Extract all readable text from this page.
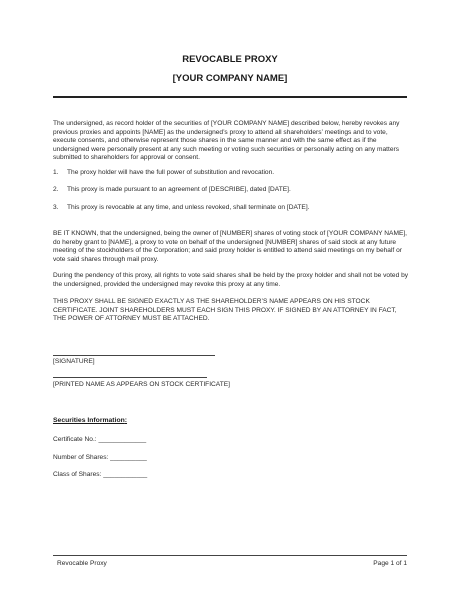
REVOCABLE PROXY
[YOUR COMPANY NAME]

The undersigned, as record holder of the securities of [YOUR COMPANY NAME] described below, hereby revokes any previous proxies and appoints [NAME] as the undersigned’s proxy to attend all shareholders’ meetings and to vote, execute consents, and otherwise represent those shares in the same manner and with the same effect as if the undersigned were personally present at any such meeting or voting such securities or personally acting on any matters submitted to shareholders for approval or consent.

1. The proxy holder will have the full power of substitution and revocation.
2. This proxy is made pursuant to an agreement of [DESCRIBE], dated [DATE].
3. This proxy is revocable at any time, and unless revoked, shall terminate on [DATE].

BE IT KNOWN, that the undersigned, being the owner of [NUMBER] shares of voting stock of [YOUR COMPANY NAME], do hereby grant to [NAME], a proxy to vote on behalf of the undersigned [NUMBER] shares of said stock at any future meeting of the stockholders of the Corporation; and said proxy holder is entitled to attend said meetings on my behalf or vote said shares through mail proxy.

During the pendency of this proxy, all rights to vote said shares shall be held by the proxy holder and shall not be voted by the undersigned, provided the undersigned may revoke this proxy at any time.

THIS PROXY SHALL BE SIGNED EXACTLY AS THE SHAREHOLDER’S NAME APPEARS ON HIS STOCK CERTIFICATE. JOINT SHAREHOLDERS MUST EACH SIGN THIS PROXY. IF SIGNED BY AN ATTORNEY IN FACT, THE POWER OF ATTORNEY MUST BE ATTACHED.

[SIGNATURE]
[PRINTED NAME AS APPEARS ON STOCK CERTIFICATE]
Securities Information:
Certificate No.: _____________
Number of Shares: __________
Class of Shares: ____________
Revocable Proxy	Page 1 of 1
